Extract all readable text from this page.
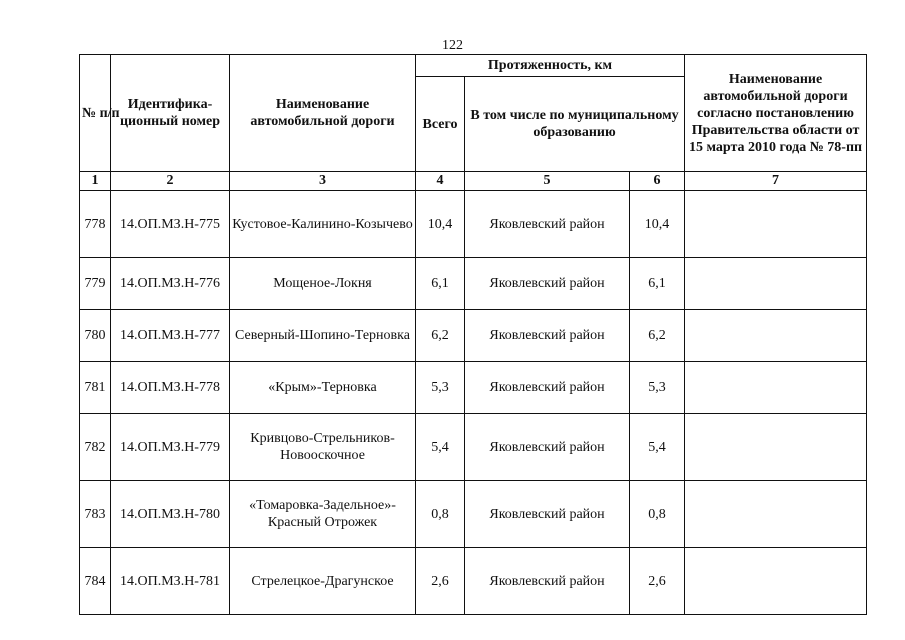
122
№ п/п	Идентифика-ционный номер	Наименование автомобильной дороги	Протяженность, км			Наименование автомобильной дороги согласно постановлению Правительства области от 15 марта 2010 года № 78-пп
			Всего	В том числе по муниципальному образованию		
1	2	3	4	5	6	7
778	14.ОП.МЗ.Н-775	Кустовое-Калинино-Козычево	10,4	Яковлевский район	10,4	
779	14.ОП.МЗ.Н-776	Мощеное-Локня	6,1	Яковлевский район	6,1	
780	14.ОП.МЗ.Н-777	Северный-Шопино-Терновка	6,2	Яковлевский район	6,2	
781	14.ОП.МЗ.Н-778	«Крым»-Терновка	5,3	Яковлевский район	5,3	
782	14.ОП.МЗ.Н-779	Кривцово-Стрельников-Новооскочное	5,4	Яковлевский район	5,4	
783	14.ОП.МЗ.Н-780	«Томаровка-Задельное»-Красный Отрожек	0,8	Яковлевский район	0,8	
784	14.ОП.МЗ.Н-781	Стрелецкое-Драгунское	2,6	Яковлевский район	2,6	
